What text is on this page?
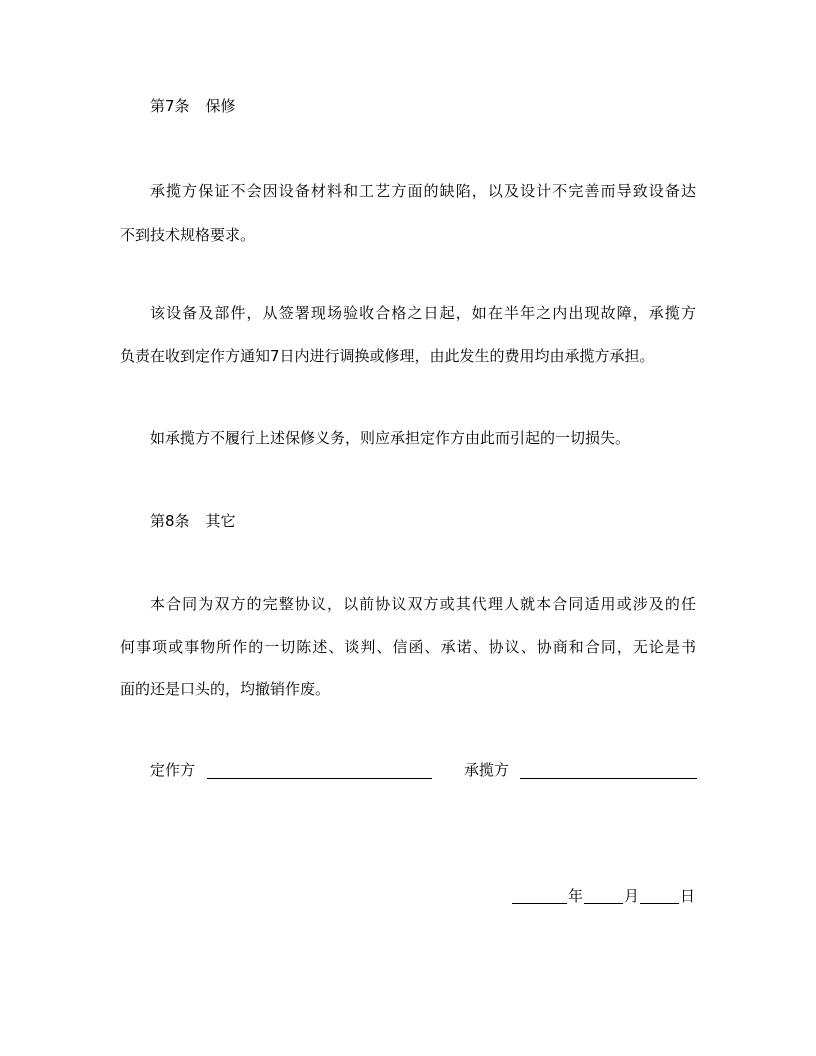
第7条 保修
承揽方保证不会因设备材料和工艺方面的缺陷，以及设计不完善而导致设备达
不到技术规格要求。
该设备及部件，从签署现场验收合格之日起，如在半年之内出现故障，承揽方
负责在收到定作方通知7日内进行调换或修理，由此发生的费用均由承揽方承担。
如承揽方不履行上述保修义务，则应承担定作方由此而引起的一切损失。
第8条 其它
本合同为双方的完整协议，以前协议双方或其代理人就本合同适用或涉及的任
何事项或事物所作的一切陈述、谈判、信函、承诺、协议、协商和合同，无论是书
面的还是口头的，均撤销作废。
定作方	承揽方
年	月	日
